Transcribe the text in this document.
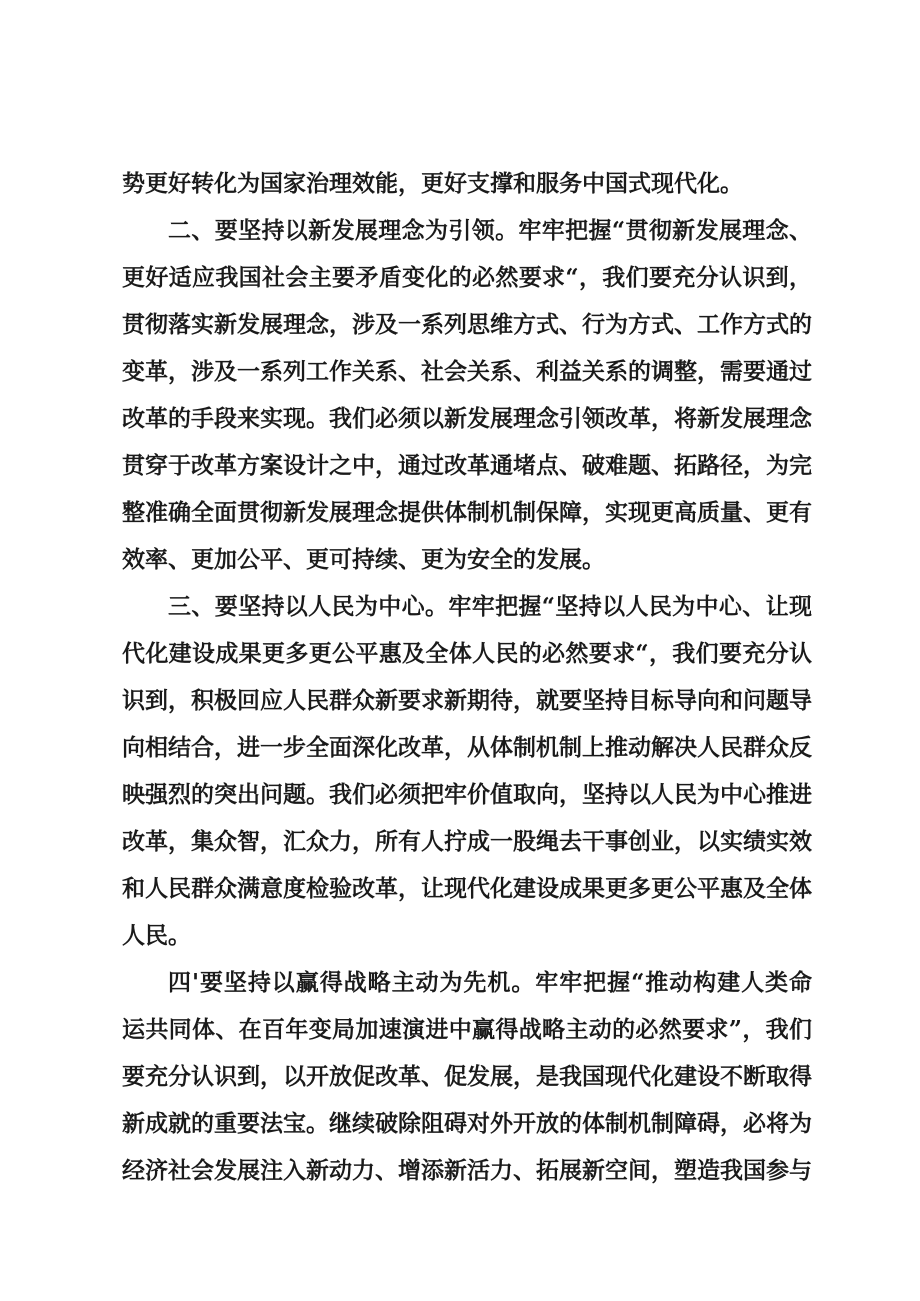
势更好转化为国家治理效能，更好支撑和服务中国式现代化。
二、要坚持以新发展理念为引领。牢牢把握“贯彻新发展理念、
更好适应我国社会主要矛盾变化的必然要求“，我们要充分认识到，
贯彻落实新发展理念，涉及一系列思维方式、行为方式、工作方式的
变革，涉及一系列工作关系、社会关系、利益关系的调整，需要通过
改革的手段来实现。我们必须以新发展理念引领改革，将新发展理念
贯穿于改革方案设计之中，通过改革通堵点、破难题、拓路径，为完
整准确全面贯彻新发展理念提供体制机制保障，实现更高质量、更有
效率、更加公平、更可持续、更为安全的发展。
三、要坚持以人民为中心。牢牢把握“坚持以人民为中心、让现
代化建设成果更多更公平惠及全体人民的必然要求“，我们要充分认
识到，积极回应人民群众新要求新期待，就要坚持目标导向和问题导
向相结合，进一步全面深化改革，从体制机制上推动解决人民群众反
映强烈的突出问题。我们必须把牢价值取向，坚持以人民为中心推进
改革，集众智，汇众力，所有人拧成一股绳去干事创业，以实绩实效
和人民群众满意度检验改革，让现代化建设成果更多更公平惠及全体
人民。
四'要坚持以赢得战略主动为先机。牢牢把握“推动构建人类命
运共同体、在百年变局加速演进中赢得战略主动的必然要求”，我们
要充分认识到，以开放促改革、促发展，是我国现代化建设不断取得
新成就的重要法宝。继续破除阻碍对外开放的体制机制障碍，必将为
经济社会发展注入新动力、增添新活力、拓展新空间，塑造我国参与
